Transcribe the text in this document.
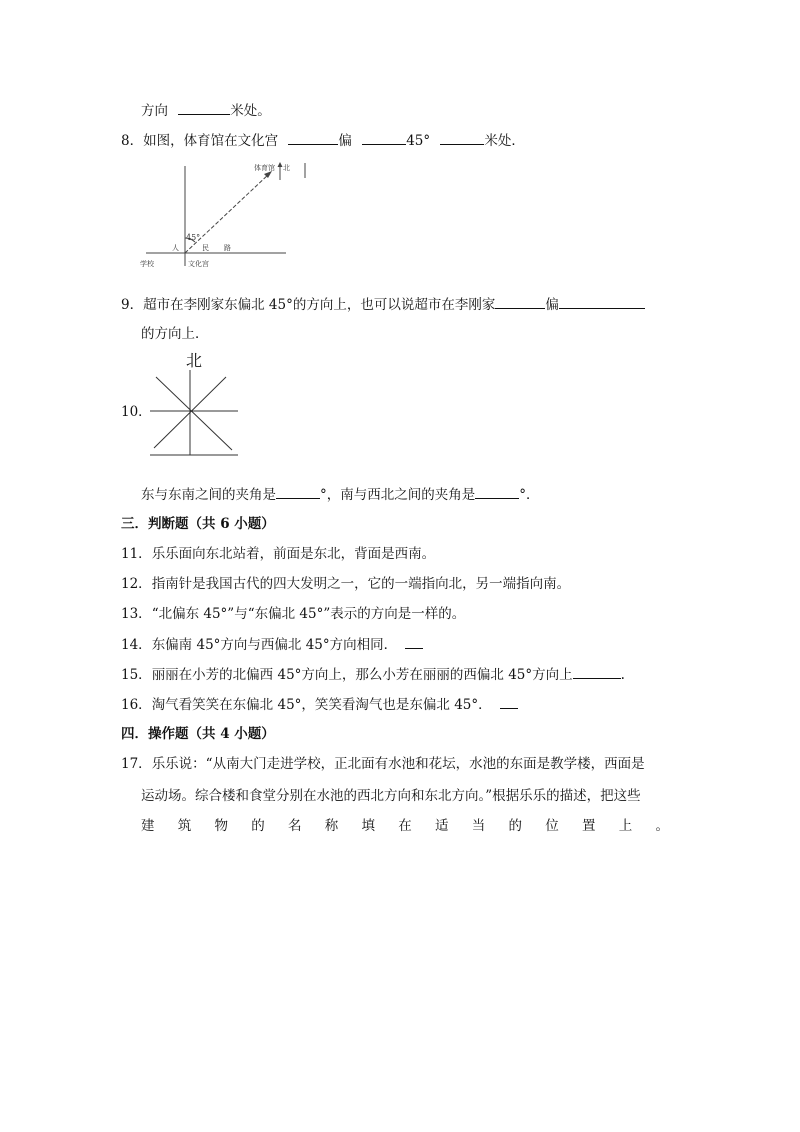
方向	米处。
8．如图，体育馆在文化宫	偏	45°	米处．
体育馆 北
45°
人	民 路
学校	文化宫
9．超市在李刚家东偏北 45°的方向上，也可以说超市在李刚家	偏
的方向上．
10．
北
东与东南之间的夹角是	°，南与西北之间的夹角是	°．
三．判断题（共 6 小题）
11．乐乐面向东北站着，前面是东北，背面是西南。
12．指南针是我国古代的四大发明之一，它的一端指向北，另一端指向南。
13．“北偏东 45°”与“东偏北 45°”表示的方向是一样的。
14．东偏南 45°方向与西偏北 45°方向相同．
15．丽丽在小芳的北偏西 45°方向上，那么小芳在丽丽的西偏北 45°方向上	.
16．淘气看笑笑在东偏北 45°，笑笑看淘气也是东偏北 45°．
四．操作题（共 4 小题）
17．乐乐说：“从南大门走进学校，正北面有水池和花坛，水池的东面是教学楼，西面是
运动场。综合楼和食堂分别在水池的西北方向和东北方向。”根据乐乐的描述，把这些
建 筑 物 的 名 称 填 在 适 当 的 位 置 上 。
